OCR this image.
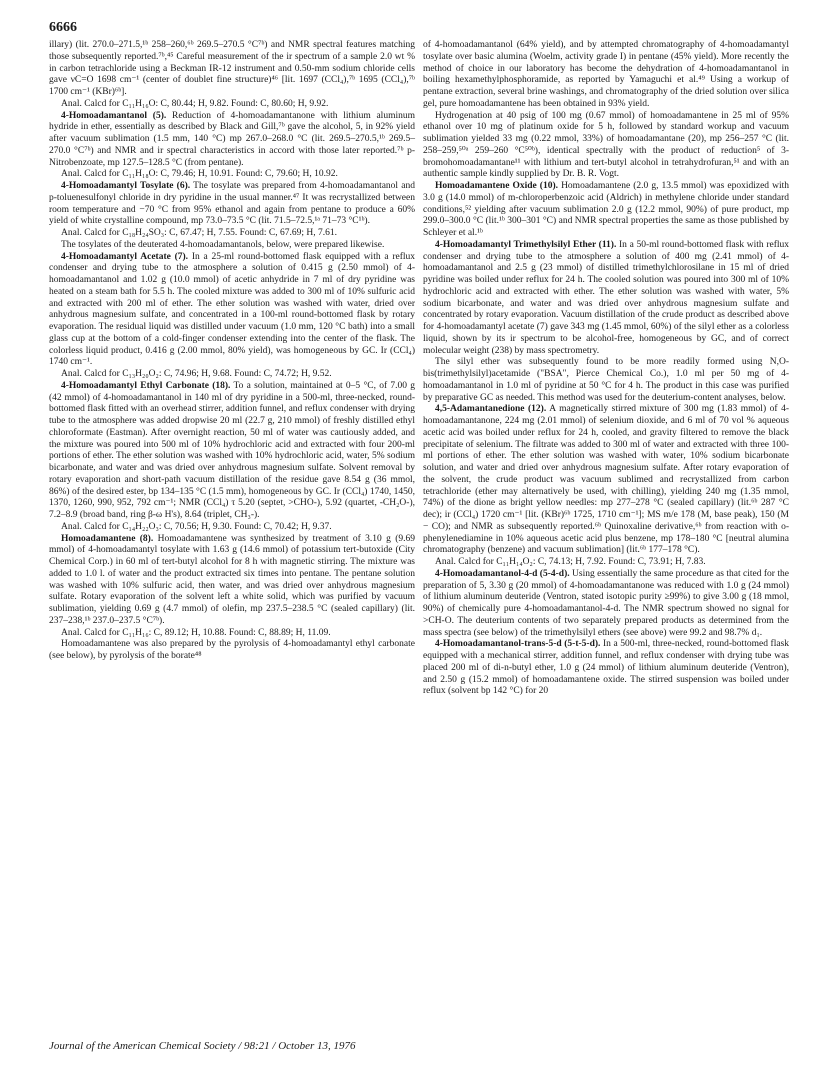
6666

illary) (lit. 270.0–271.5,¹ᵇ 258–260,⁶ᵇ 269.5–270.5 °C⁷ᵇ) and NMR spectral features matching those subsequently reported.⁷ᵇ,⁴⁵ Careful measurement of the ir spectrum of a sample 2.0 wt % in carbon tetrachloride using a Beckman IR-12 instrument and 0.50-mm sodium chloride cells gave νC=O 1698 cm⁻¹ (center of doublet fine structure)⁴⁶ [lit. 1697 (CCl₄),⁷ᵇ 1695 (CCl₄),⁷ᵇ 1700 cm⁻¹ (KBr)⁶ᵇ].

Anal. Calcd for C₁₁H₁₆O: C, 80.44; H, 9.82. Found: C, 80.60; H, 9.92.

4-Homoadamantanol (5). Reduction of 4-homoadamantanone with lithium aluminum hydride in ether, essentially as described by Black and Gill,⁷ᵇ gave the alcohol, 5, in 92% yield after vacuum sublimation (1.5 mm, 140 °C) mp 267.0–268.0 °C (lit. 269.5–270.5,¹ᵇ 269.5–270.0 °C⁷ᵇ) and NMR and ir spectral characteristics in accord with those later reported.⁷ᵇ p-Nitrobenzoate, mp 127.5–128.5 °C (from pentane).

Anal. Calcd for C₁₁H₁₈O: C, 79.46; H, 10.91. Found: C, 79.60; H, 10.92.

4-Homoadamantyl Tosylate (6). The tosylate was prepared from 4-homoadamantanol and p-toluenesulfonyl chloride in dry pyridine in the usual manner.⁴⁷ It was recrystallized between room temperature and −70 °C from 95% ethanol and again from pentane to produce a 60% yield of white crystalline compound, mp 73.0–73.5 °C (lit. 71.5–72.5,¹ᵃ 71–73 °C¹ᵇ).

Anal. Calcd for C₁₈H₂₄SO₃: C, 67.47; H, 7.55. Found: C, 67.69; H, 7.61.

The tosylates of the deuterated 4-homoadamantanols, below, were prepared likewise.

4-Homoadamantyl Acetate (7). In a 25-ml round-bottomed flask equipped with a reflux condenser and drying tube to the atmosphere a solution of 0.415 g (2.50 mmol) of 4-homoadamantanol and 1.02 g (10.0 mmol) of acetic anhydride in 7 ml of dry pyridine was heated on a steam bath for 5.5 h. The cooled mixture was added to 300 ml of 10% sulfuric acid and extracted with 200 ml of ether. The ether solution was washed with water, dried over anhydrous magnesium sulfate, and concentrated in a 100-ml round-bottomed flask by rotary evaporation. The residual liquid was distilled under vacuum (1.0 mm, 120 °C bath) into a small glass cup at the bottom of a cold-finger condenser extending into the center of the flask. The colorless liquid product, 0.416 g (2.00 mmol, 80% yield), was homogeneous by GC. Ir (CCl₄) 1740 cm⁻¹.

Anal. Calcd for C₁₃H₂₀O₂: C, 74.96; H, 9.68. Found: C, 74.72; H, 9.52.

4-Homoadamantyl Ethyl Carbonate (18). To a solution, maintained at 0–5 °C, of 7.00 g (42 mmol) of 4-homoadamantanol in 140 ml of dry pyridine in a 500-ml, three-necked, round-bottomed flask fitted with an overhead stirrer, addition funnel, and reflux condenser with drying tube to the atmosphere was added dropwise 20 ml (22.7 g, 210 mmol) of freshly distilled ethyl chloroformate (Eastman). After overnight reaction, 50 ml of water was cautiously added, and the mixture was poured into 500 ml of 10% hydrochloric acid and extracted with four 200-ml portions of ether. The ether solution was washed with 10% hydrochloric acid, water, 5% sodium bicarbonate, and water and was dried over anhydrous magnesium sulfate. Solvent removal by rotary evaporation and short-path vacuum distillation of the residue gave 8.54 g (36 mmol, 86%) of the desired ester, bp 134–135 °C (1.5 mm), homogeneous by GC. Ir (CCl₄) 1740, 1450, 1370, 1260, 990, 952, 792 cm⁻¹; NMR (CCl₄) τ 5.20 (septet, >CHO-), 5.92 (quartet, -CH₂O-), 7.2–8.9 (broad band, ring β-ω H's), 8.64 (triplet, CH₃-).

Anal. Calcd for C₁₄H₂₂O₃: C, 70.56; H, 9.30. Found: C, 70.42; H, 9.37.

Homoadamantene (8). Homoadamantene was synthesized by treatment of 3.10 g (9.69 mmol) of 4-homoadamantyl tosylate with 1.63 g (14.6 mmol) of potassium tert-butoxide (City Chemical Corp.) in 60 ml of tert-butyl alcohol for 8 h with magnetic stirring. The mixture was added to 1.0 l. of water and the product extracted six times into pentane. The pentane solution was washed with 10% sulfuric acid, then water, and was dried over anhydrous magnesium sulfate. Rotary evaporation of the solvent left a white solid, which was purified by vacuum sublimation, yielding 0.69 g (4.7 mmol) of olefin, mp 237.5–238.5 °C (sealed capillary) (lit. 237–238,¹ᵇ 237.0–237.5 °C⁷ᵇ).

Anal. Calcd for C₁₁H₁₆: C, 89.12; H, 10.88. Found: C, 88.89; H, 11.09.

Homoadamantene was also prepared by the pyrolysis of 4-homoadamantyl ethyl carbonate (see below), by pyrolysis of the borate⁴⁸

of 4-homoadamantanol (64% yield), and by attempted chromatography of 4-homoadamantyl tosylate over basic alumina (Woelm, activity grade I) in pentane (45% yield). More recently the method of choice in our laboratory has become the dehydration of 4-homoadamantanol in boiling hexamethylphosphoramide, as reported by Yamaguchi et al.⁴⁹ Using a workup of pentane extraction, several brine washings, and chromatography of the dried solution over silica gel, pure homoadamantene has been obtained in 93% yield.

Hydrogenation at 40 psig of 100 mg (0.67 mmol) of homoadamantene in 25 ml of 95% ethanol over 10 mg of platinum oxide for 5 h, followed by standard workup and vacuum sublimation yielded 33 mg (0.22 mmol, 33%) of homoadamantane (20), mp 256–257 °C (lit. 258–259,⁵⁰ᵃ 259–260 °C⁵⁰ᵇ), identical spectrally with the product of reduction⁵ of 3-bromohomoadamantane¹¹ with lithium and tert-butyl alcohol in tetrahydrofuran,⁵¹ and with an authentic sample kindly supplied by Dr. B. R. Vogt.

Homoadamantene Oxide (10). Homoadamantene (2.0 g, 13.5 mmol) was epoxidized with 3.0 g (14.0 mmol) of m-chloroperbenzoic acid (Aldrich) in methylene chloride under standard conditions,⁵² yielding after vacuum sublimation 2.0 g (12.2 mmol, 90%) of pure product, mp 299.0–300.0 °C (lit.¹ᵇ 300–301 °C) and NMR spectral properties the same as those published by Schleyer et al.¹ᵇ

4-Homoadamantyl Trimethylsilyl Ether (11). In a 50-ml round-bottomed flask with reflux condenser and drying tube to the atmosphere a solution of 400 mg (2.41 mmol) of 4-homoadamantanol and 2.5 g (23 mmol) of distilled trimethylchlorosilane in 15 ml of dried pyridine was boiled under reflux for 24 h. The cooled solution was poured into 300 ml of 10% hydrochloric acid and extracted with ether. The ether solution was washed with water, 5% sodium bicarbonate, and water and was dried over anhydrous magnesium sulfate and concentrated by rotary evaporation. Vacuum distillation of the crude product as described above for 4-homoadamantyl acetate (7) gave 343 mg (1.45 mmol, 60%) of the silyl ether as a colorless liquid, shown by its ir spectrum to be alcohol-free, homogeneous by GC, and of correct molecular weight (238) by mass spectrometry.

The silyl ether was subsequently found to be more readily formed using N,O-bis(trimethylsilyl)acetamide ("BSA", Pierce Chemical Co.), 1.0 ml per 50 mg of 4-homoadamantanol in 1.0 ml of pyridine at 50 °C for 4 h. The product in this case was purified by preparative GC as needed. This method was used for the deuterium-content analyses, below.

4,5-Adamantanedione (12). A magnetically stirred mixture of 300 mg (1.83 mmol) of 4-homoadamantanone, 224 mg (2.01 mmol) of selenium dioxide, and 6 ml of 70 vol % aqueous acetic acid was boiled under reflux for 24 h, cooled, and gravity filtered to remove the black precipitate of selenium. The filtrate was added to 300 ml of water and extracted with three 100-ml portions of ether. The ether solution was washed with water, 10% sodium bicarbonate solution, and water and dried over anhydrous magnesium sulfate. After rotary evaporation of the solvent, the crude product was vacuum sublimed and recrystallized from carbon tetrachloride (ether may alternatively be used, with chilling), yielding 240 mg (1.35 mmol, 74%) of the dione as bright yellow needles: mp 277–278 °C (sealed capillary) (lit.⁶ᵇ 287 °C dec); ir (CCl₄) 1720 cm⁻¹ [lit. (KBr)⁶ᵇ 1725, 1710 cm⁻¹]; MS m/e 178 (M, base peak), 150 (M − CO); and NMR as subsequently reported.⁶ᵇ Quinoxaline derivative,⁶ᵇ from reaction with o-phenylenediamine in 10% aqueous acetic acid plus benzene, mp 178–180 °C [neutral alumina chromatography (benzene) and vacuum sublimation] (lit.⁶ᵇ 177–178 °C).

Anal. Calcd for C₁₁H₁₄O₂: C, 74.13; H, 7.92. Found: C, 73.91; H, 7.83.

4-Homoadamantanol-4-d (5-4-d). Using essentially the same procedure as that cited for the preparation of 5, 3.30 g (20 mmol) of 4-homoadamantanone was reduced with 1.0 g (24 mmol) of lithium aluminum deuteride (Ventron, stated isotopic purity ≥99%) to give 3.00 g (18 mmol, 90%) of chemically pure 4-homoadamantanol-4-d. The NMR spectrum showed no signal for >CH-O. The deuterium contents of two separately prepared products as determined from the mass spectra (see below) of the trimethylsilyl ethers (see above) were 99.2 and 98.7% d₁.

4-Homoadamantanol-trans-5-d (5-t-5-d). In a 500-ml, three-necked, round-bottomed flask equipped with a mechanical stirrer, addition funnel, and reflux condenser with drying tube was placed 200 ml of di-n-butyl ether, 1.0 g (24 mmol) of lithium aluminum deuteride (Ventron), and 2.50 g (15.2 mmol) of homoadamantene oxide. The stirred suspension was boiled under reflux (solvent bp 142 °C) for 20

Journal of the American Chemical Society / 98:21 / October 13, 1976
